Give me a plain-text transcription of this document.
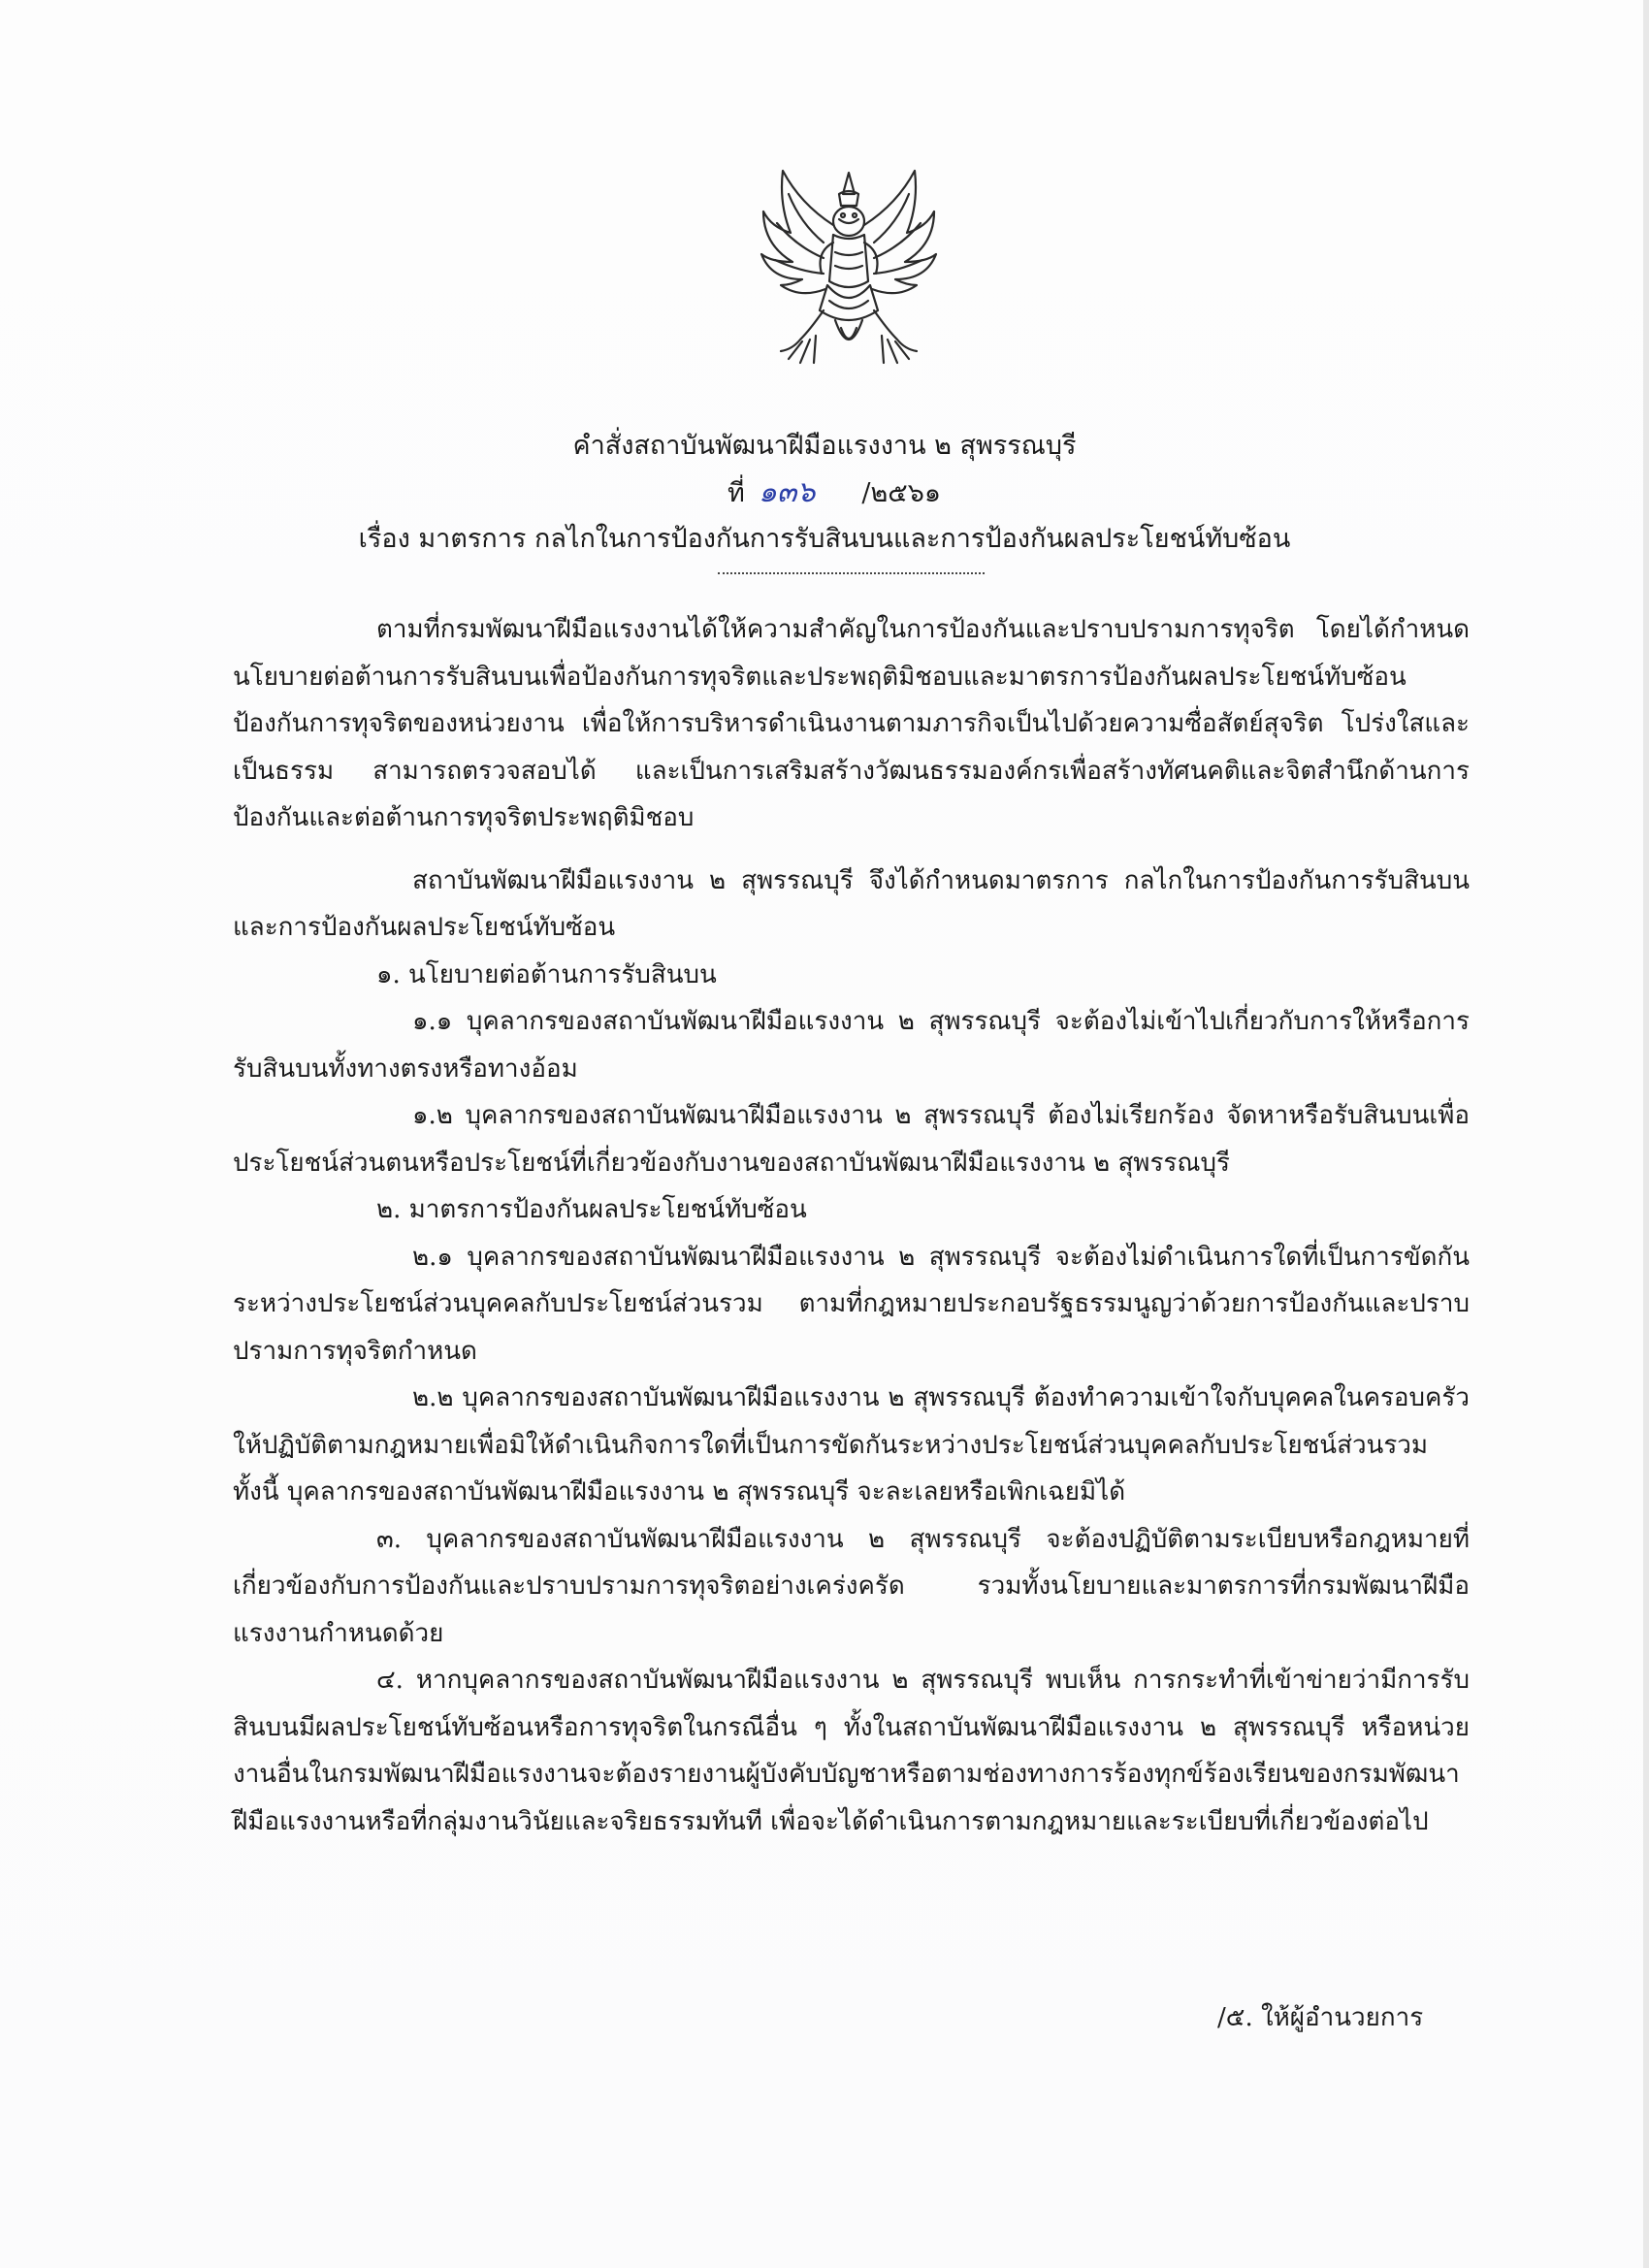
คำสั่งสถาบันพัฒนาฝีมือแรงงาน ๒ สุพรรณบุรี
ที่ ๑๓๖ /๒๕๖๑
เรื่อง มาตรการ กลไกในการป้องกันการรับสินบนและการป้องกันผลประโยชน์ทับซ้อน

ตามที่กรมพัฒนาฝีมือแรงงานได้ให้ความสำคัญในการป้องกันและปราบปรามการทุจริต โดยได้กำหนดนโยบายต่อต้านการรับสินบนเพื่อป้องกันการทุจริตและประพฤติมิชอบและมาตรการป้องกันผลประโยชน์ทับซ้อน ป้องกันการทุจริตของหน่วยงาน เพื่อให้การบริหารดำเนินงานตามภารกิจเป็นไปด้วยความซื่อสัตย์สุจริต โปร่งใสและเป็นธรรม สามารถตรวจสอบได้ และเป็นการเสริมสร้างวัฒนธรรมองค์กรเพื่อสร้างทัศนคติและจิตสำนึกด้านการป้องกันและต่อต้านการทุจริตประพฤติมิชอบ

สถาบันพัฒนาฝีมือแรงงาน ๒ สุพรรณบุรี จึงได้กำหนดมาตรการ กลไกในการป้องกันการรับสินบนและการป้องกันผลประโยชน์ทับซ้อน

๑. นโยบายต่อต้านการรับสินบน

๑.๑ บุคลากรของสถาบันพัฒนาฝีมือแรงงาน ๒ สุพรรณบุรี จะต้องไม่เข้าไปเกี่ยวกับการให้หรือการรับสินบนทั้งทางตรงหรือทางอ้อม

๑.๒ บุคลากรของสถาบันพัฒนาฝีมือแรงงาน ๒ สุพรรณบุรี ต้องไม่เรียกร้อง จัดหาหรือรับสินบนเพื่อประโยชน์ส่วนตนหรือประโยชน์ที่เกี่ยวข้องกับงานของสถาบันพัฒนาฝีมือแรงงาน ๒ สุพรรณบุรี

๒. มาตรการป้องกันผลประโยชน์ทับซ้อน

๒.๑ บุคลากรของสถาบันพัฒนาฝีมือแรงงาน ๒ สุพรรณบุรี จะต้องไม่ดำเนินการใดที่เป็นการขัดกันระหว่างประโยชน์ส่วนบุคคลกับประโยชน์ส่วนรวม ตามที่กฎหมายประกอบรัฐธรรมนูญว่าด้วยการป้องกันและปราบปรามการทุจริตกำหนด

๒.๒ บุคลากรของสถาบันพัฒนาฝีมือแรงงาน ๒ สุพรรณบุรี ต้องทำความเข้าใจกับบุคคลในครอบครัวให้ปฏิบัติตามกฎหมายเพื่อมิให้ดำเนินกิจการใดที่เป็นการขัดกันระหว่างประโยชน์ส่วนบุคคลกับประโยชน์ส่วนรวม ทั้งนี้ บุคลากรของสถาบันพัฒนาฝีมือแรงงาน ๒ สุพรรณบุรี จะละเลยหรือเพิกเฉยมิได้

๓. บุคลากรของสถาบันพัฒนาฝีมือแรงงาน ๒ สุพรรณบุรี จะต้องปฏิบัติตามระเบียบหรือกฎหมายที่เกี่ยวข้องกับการป้องกันและปราบปรามการทุจริตอย่างเคร่งครัด รวมทั้งนโยบายและมาตรการที่กรมพัฒนาฝีมือแรงงานกำหนดด้วย

๔. หากบุคลากรของสถาบันพัฒนาฝีมือแรงงาน ๒ สุพรรณบุรี พบเห็น การกระทำที่เข้าข่ายว่ามีการรับสินบนมีผลประโยชน์ทับซ้อนหรือการทุจริตในกรณีอื่น ๆ ทั้งในสถาบันพัฒนาฝีมือแรงงาน ๒ สุพรรณบุรี หรือหน่วยงานอื่นในกรมพัฒนาฝีมือแรงงานจะต้องรายงานผู้บังคับบัญชาหรือตามช่องทางการร้องทุกข์ร้องเรียนของกรมพัฒนาฝีมือแรงงานหรือที่กลุ่มงานวินัยและจริยธรรมทันที เพื่อจะได้ดำเนินการตามกฎหมายและระเบียบที่เกี่ยวข้องต่อไป

/๕. ให้ผู้อำนวยการ
